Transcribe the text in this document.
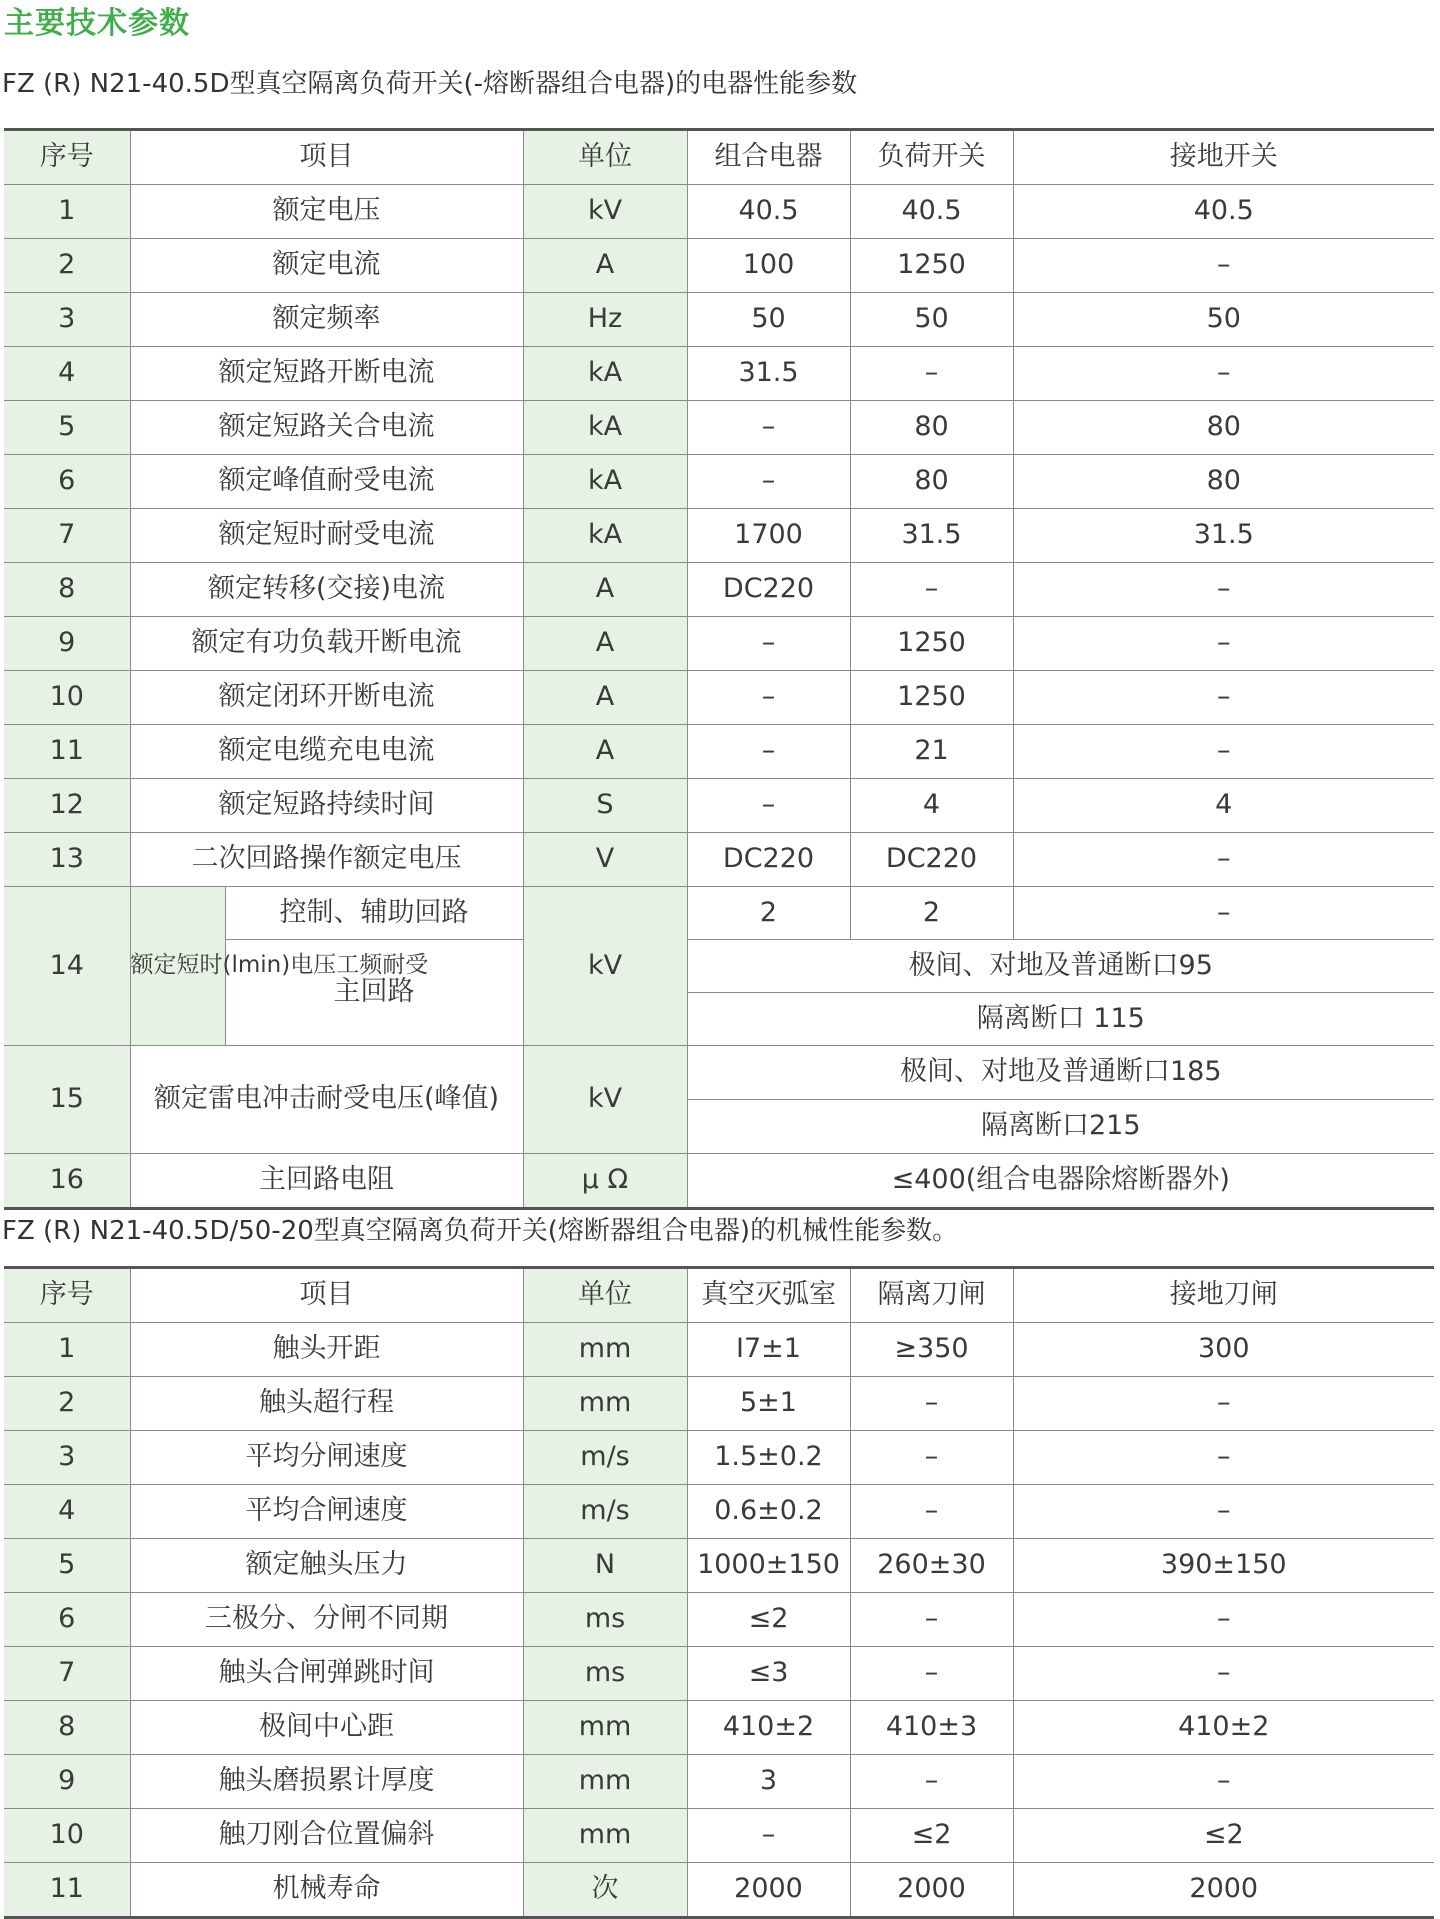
主要技术参数
FZ (R) N21-40.5D型真空隔离负荷开关(-熔断器组合电器)的电器性能参数
序号	项目		单位	组合电器	负荷开关	接地开关
1	额定电压		kV	40.5	40.5	40.5
2	额定电流		A	100	1250	–
3	额定频率		Hz	50	50	50
4	额定短路开断电流		kA	31.5	–	–
5	额定短路关合电流		kA	–	80	80
6	额定峰值耐受电流		kA	–	80	80
7	额定短时耐受电流		kA	1700	31.5	31.5
8	额定转移(交接)电流		A	DC220	–	–
9	额定有功负载开断电流		A	–	1250	–
10	额定闭环开断电流		A	–	1250	–
11	额定电缆充电电流		A	–	21	–
12	额定短路持续时间		S	–	4	4
13	二次回路操作额定电压		V	DC220	DC220	–
14	额定短时(lmin)电压工频耐受	控制、辅助回路	kV	2	2	–
		主回路		极间、对地及普通断口95		
				隔离断口 115		
15	额定雷电冲击耐受电压(峰值)		kV	极间、对地及普通断口185		
				隔离断口215		
16	主回路电阻		μ Ω	≤400(组合电器除熔断器外)		
FZ (R) N21-40.5D/50-20型真空隔离负荷开关(熔断器组合电器)的机械性能参数。
序号	项目	单位	真空灭弧室	隔离刀闸	接地刀闸
1	触头开距	mm	I7±1	≥350	300
2	触头超行程	mm	5±1	–	–
3	平均分闸速度	m/s	1.5±0.2	–	–
4	平均合闸速度	m/s	0.6±0.2	–	–
5	额定触头压力	N	1000±150	260±30	390±150
6	三极分、分闸不同期	ms	≤2	–	–
7	触头合闸弹跳时间	ms	≤3	–	–
8	极间中心距	mm	410±2	410±3	410±2
9	触头磨损累计厚度	mm	3	–	–
10	触刀刚合位置偏斜	mm	–	≤2	≤2
11	机械寿命	次	2000	2000	2000
